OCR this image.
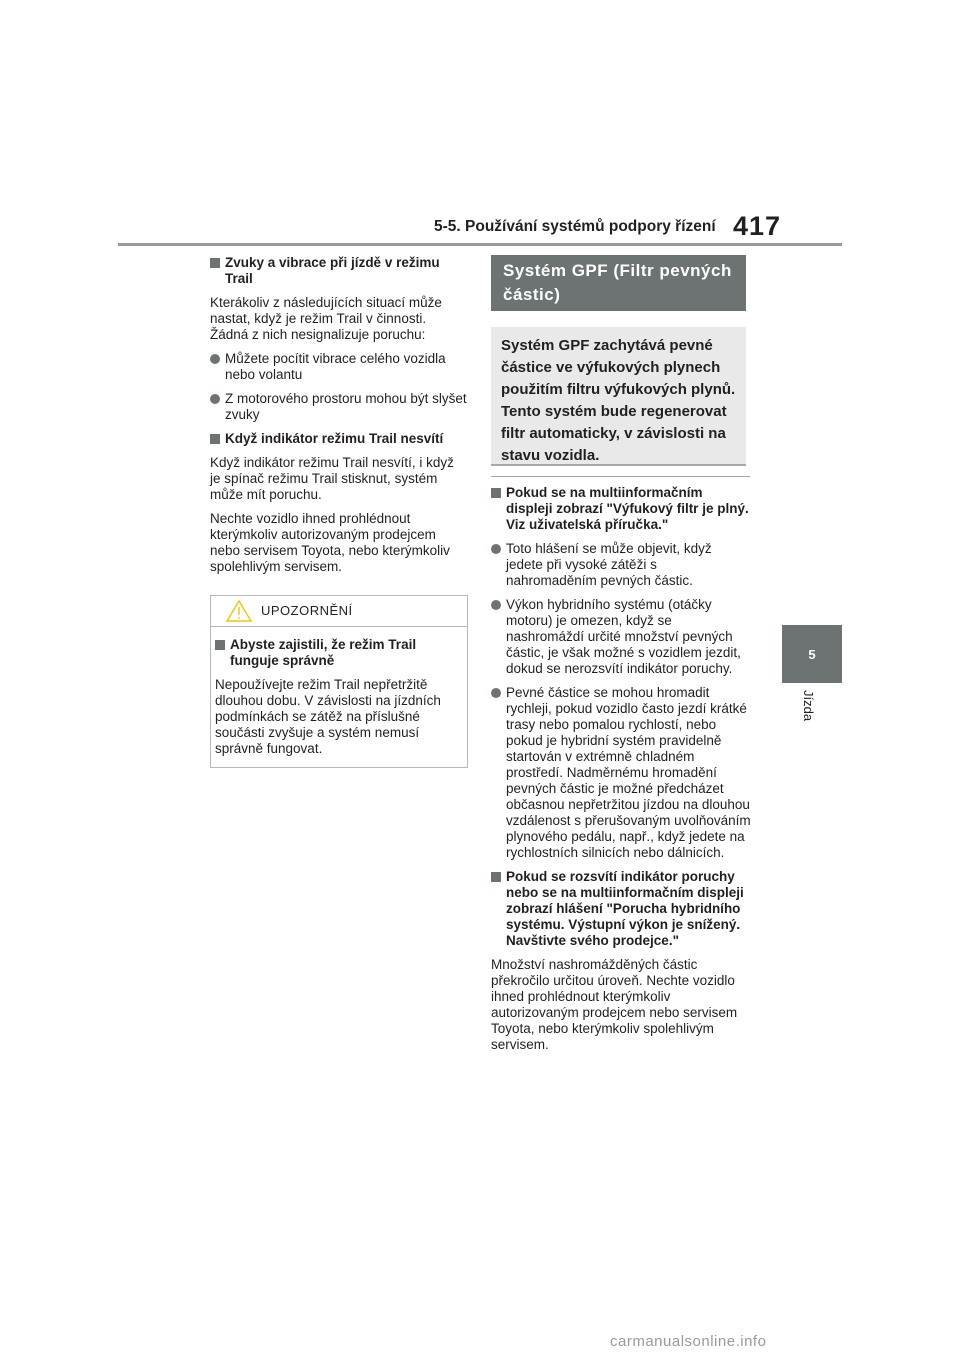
5-5. Používání systémů podpory řízení 417
5
Jízda
Zvuky a vibrace při jízdě v režimu Trail

Kterákoliv z následujících situací může nastat, když je režim Trail v činnosti. Žádná z nich nesignalizuje poruchu:

Můžete pocítit vibrace celého vozidla nebo volantu
Z motorového prostoru mohou být slyšet zvuky
Když indikátor režimu Trail nesvítí

Když indikátor režimu Trail nesvítí, i když je spínač režimu Trail stisknut, systém může mít poruchu.

Nechte vozidlo ihned prohlédnout kterýmkoliv autorizovaným prodejcem nebo servisem Toyota, nebo kterýmkoliv spolehlivým servisem.

UPOZORNĚNÍ
Abyste zajistili, že režim Trail funguje správně

Nepoužívejte režim Trail nepřetržitě dlouhou dobu. V závislosti na jízdních podmínkách se zátěž na příslušné součásti zvyšuje a systém nemusí správně fungovat.

Systém GPF (Filtr pevných částic)
Systém GPF zachytává pevné částice ve výfukových plynech použitím filtru výfukových plynů. Tento systém bude regenerovat filtr automaticky, v závislosti na stavu vozidla.
Pokud se na multiinformačním displeji zobrazí "Výfukový filtr je plný. Viz uživatelská příručka."
Toto hlášení se může objevit, když jedete při vysoké zátěži s nahromaděním pevných částic.
Výkon hybridního systému (otáčky motoru) je omezen, když se nashromáždí určité množství pevných částic, je však možné s vozidlem jezdit, dokud se nerozsvítí indikátor poruchy.
Pevné částice se mohou hromadit rychleji, pokud vozidlo často jezdí krátké trasy nebo pomalou rychlostí, nebo pokud je hybridní systém pravidelně startován v extrémně chladném prostředí. Nadměrnému hromadění pevných částic je možné předcházet občasnou nepřetržitou jízdou na dlouhou vzdálenost s přerušovaným uvolňováním plynového pedálu, např., když jedete na rychlostních silnicích nebo dálnicích.
Pokud se rozsvítí indikátor poruchy nebo se na multiinformačním displeji zobrazí hlášení "Porucha hybridního systému. Výstupní výkon je snížený. Navštivte svého prodejce."

Množství nashromážděných částic překročilo určitou úroveň. Nechte vozidlo ihned prohlédnout kterýmkoliv autorizovaným prodejcem nebo servisem Toyota, nebo kterýmkoliv spolehlivým servisem.

carmanualsonline.info
